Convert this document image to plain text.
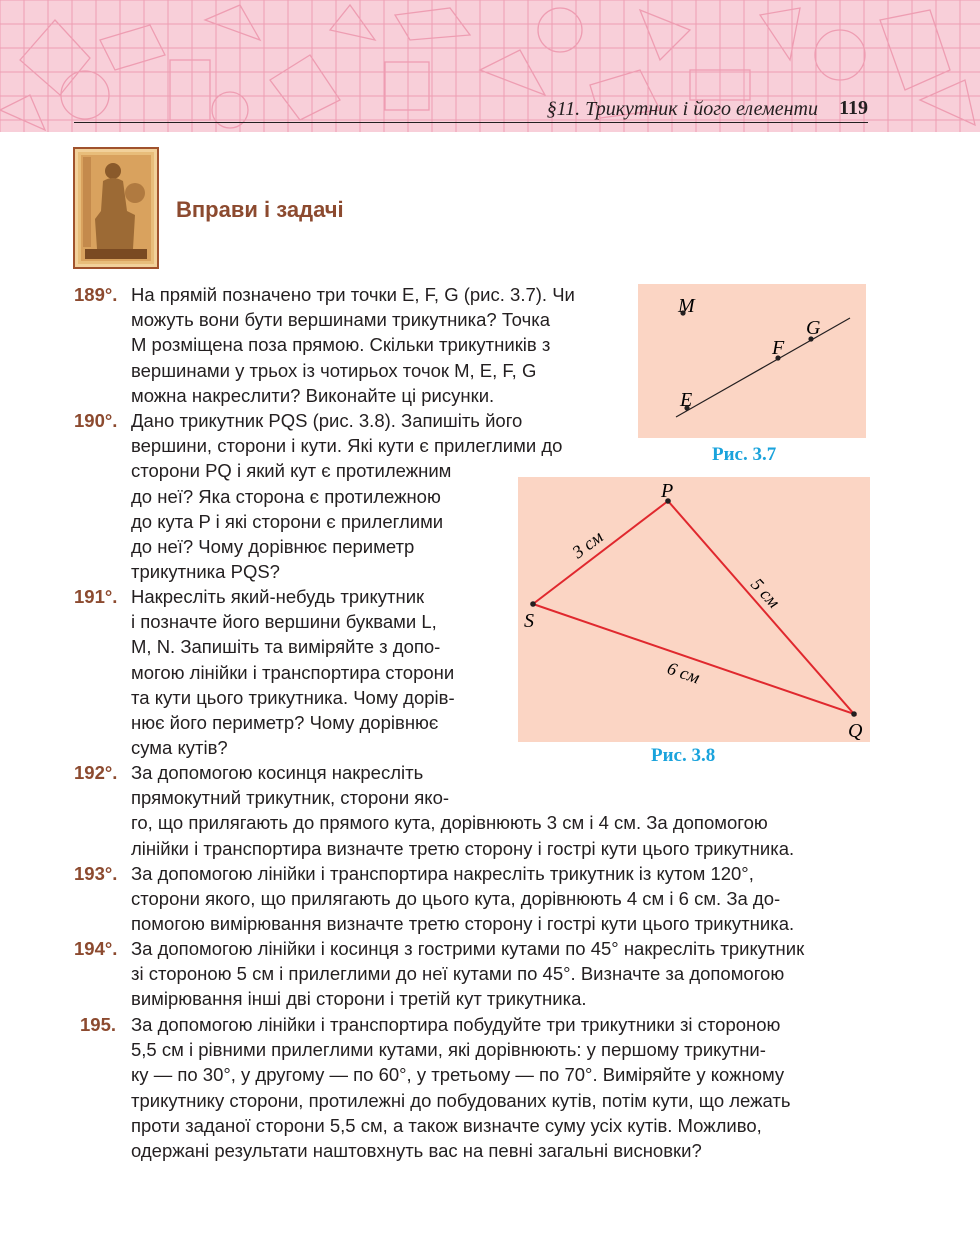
§11. Трикутник і його елементи 119
Вправи і задачі
189°. На прямій позначено три точки E, F, G (рис. 3.7). Чи
можуть вони бути вершинами трикутника? Точка
M розміщена поза прямою. Скільки трикутників з
вершинами у трьох із чотирьох точок M, E, F, G
можна накреслити? Виконайте ці рисунки.
190°. Дано трикутник PQS (рис. 3.8). Запишіть його
вершини, сторони і кути. Які кути є прилеглими до
сторони PQ і який кут є протилежним
до неї? Яка сторона є протилежною
до кута P і які сторони є прилеглими
до неї? Чому дорівнює периметр
трикутника PQS?
191°. Накресліть який-небудь трикутник
і позначте його вершини буквами L,
M, N. Запишіть та виміряйте з допо-
могою лінійки і транспортира сторони
та кути цього трикутника. Чому дорів-
нює його периметр? Чому дорівнює
сума кутів?
192°. За допомогою косинця накресліть
прямокутний трикутник, сторони яко-
го, що прилягають до прямого кута, дорівнюють 3 см і 4 см. За допомогою
лінійки і транспортира визначте третю сторону і гострі кути цього трикутника.
193°. За допомогою лінійки і транспортира накресліть трикутник із кутом 120°,
сторони якого, що прилягають до цього кута, дорівнюють 4 см і 6 см. За до-
помогою вимірювання визначте третю сторону і гострі кути цього трикутника.
194°. За допомогою лінійки і косинця з гострими кутами по 45° накресліть трикутник
зі стороною 5 см і прилеглими до неї кутами по 45°. Визначте за допомогою
вимірювання інші дві сторони і третій кут трикутника.
195. За допомогою лінійки і транспортира побудуйте три трикутники зі стороною
5,5 см і рівними прилеглими кутами, які дорівнюють: у першому трикутни-
ку — по 30°, у другому — по 60°, у третьому — по 70°. Виміряйте у кожному
трикутнику сторони, протилежні до побудованих кутів, потім кути, що лежать
проти заданої сторони 5,5 см, а також визначте суму усіх кутів. Можливо,
одержані результати наштовхнуть вас на певні загальні висновки?
M
G
F
E
Рис. 3.7
P
S
Q
3 см
5 см
6 см
Рис. 3.8
